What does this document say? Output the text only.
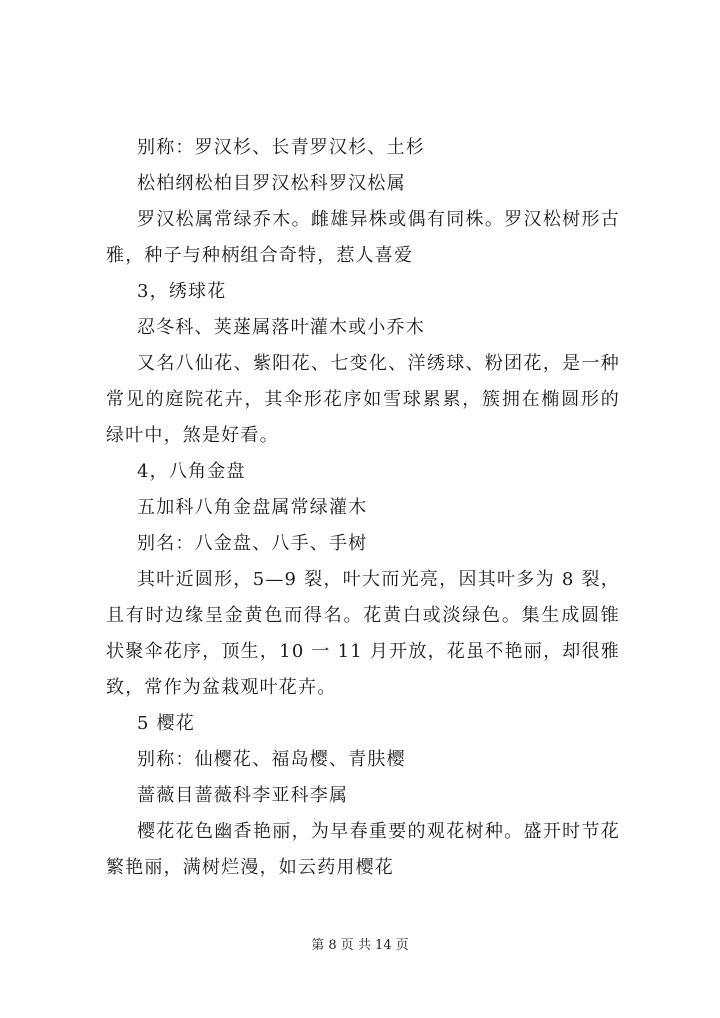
别称：罗汉杉、长青罗汉杉、土杉

松柏纲松柏目罗汉松科罗汉松属

罗汉松属常绿乔木。雌雄异株或偶有同株。罗汉松树形古雅，种子与种柄组合奇特，惹人喜爱

3，绣球花

忍冬科、荚蒾属落叶灌木或小乔木

又名八仙花、紫阳花、七变化、洋绣球、粉团花，是一种常见的庭院花卉，其伞形花序如雪球累累，簇拥在椭圆形的绿叶中，煞是好看。

4，八角金盘

五加科八角金盘属常绿灌木

别名：八金盘、八手、手树

其叶近圆形，5—9 裂，叶大而光亮，因其叶多为 8 裂，且有时边缘呈金黄色而得名。花黄白或淡绿色。集生成圆锥状聚伞花序，顶生，10 一 11 月开放，花虽不艳丽，却很雅致，常作为盆栽观叶花卉。

5 樱花

别称：仙樱花、福岛樱、青肤樱

蔷薇目蔷薇科李亚科李属

樱花花色幽香艳丽，为早春重要的观花树种。盛开时节花繁艳丽，满树烂漫，如云药用樱花

第 8 页 共 14 页
